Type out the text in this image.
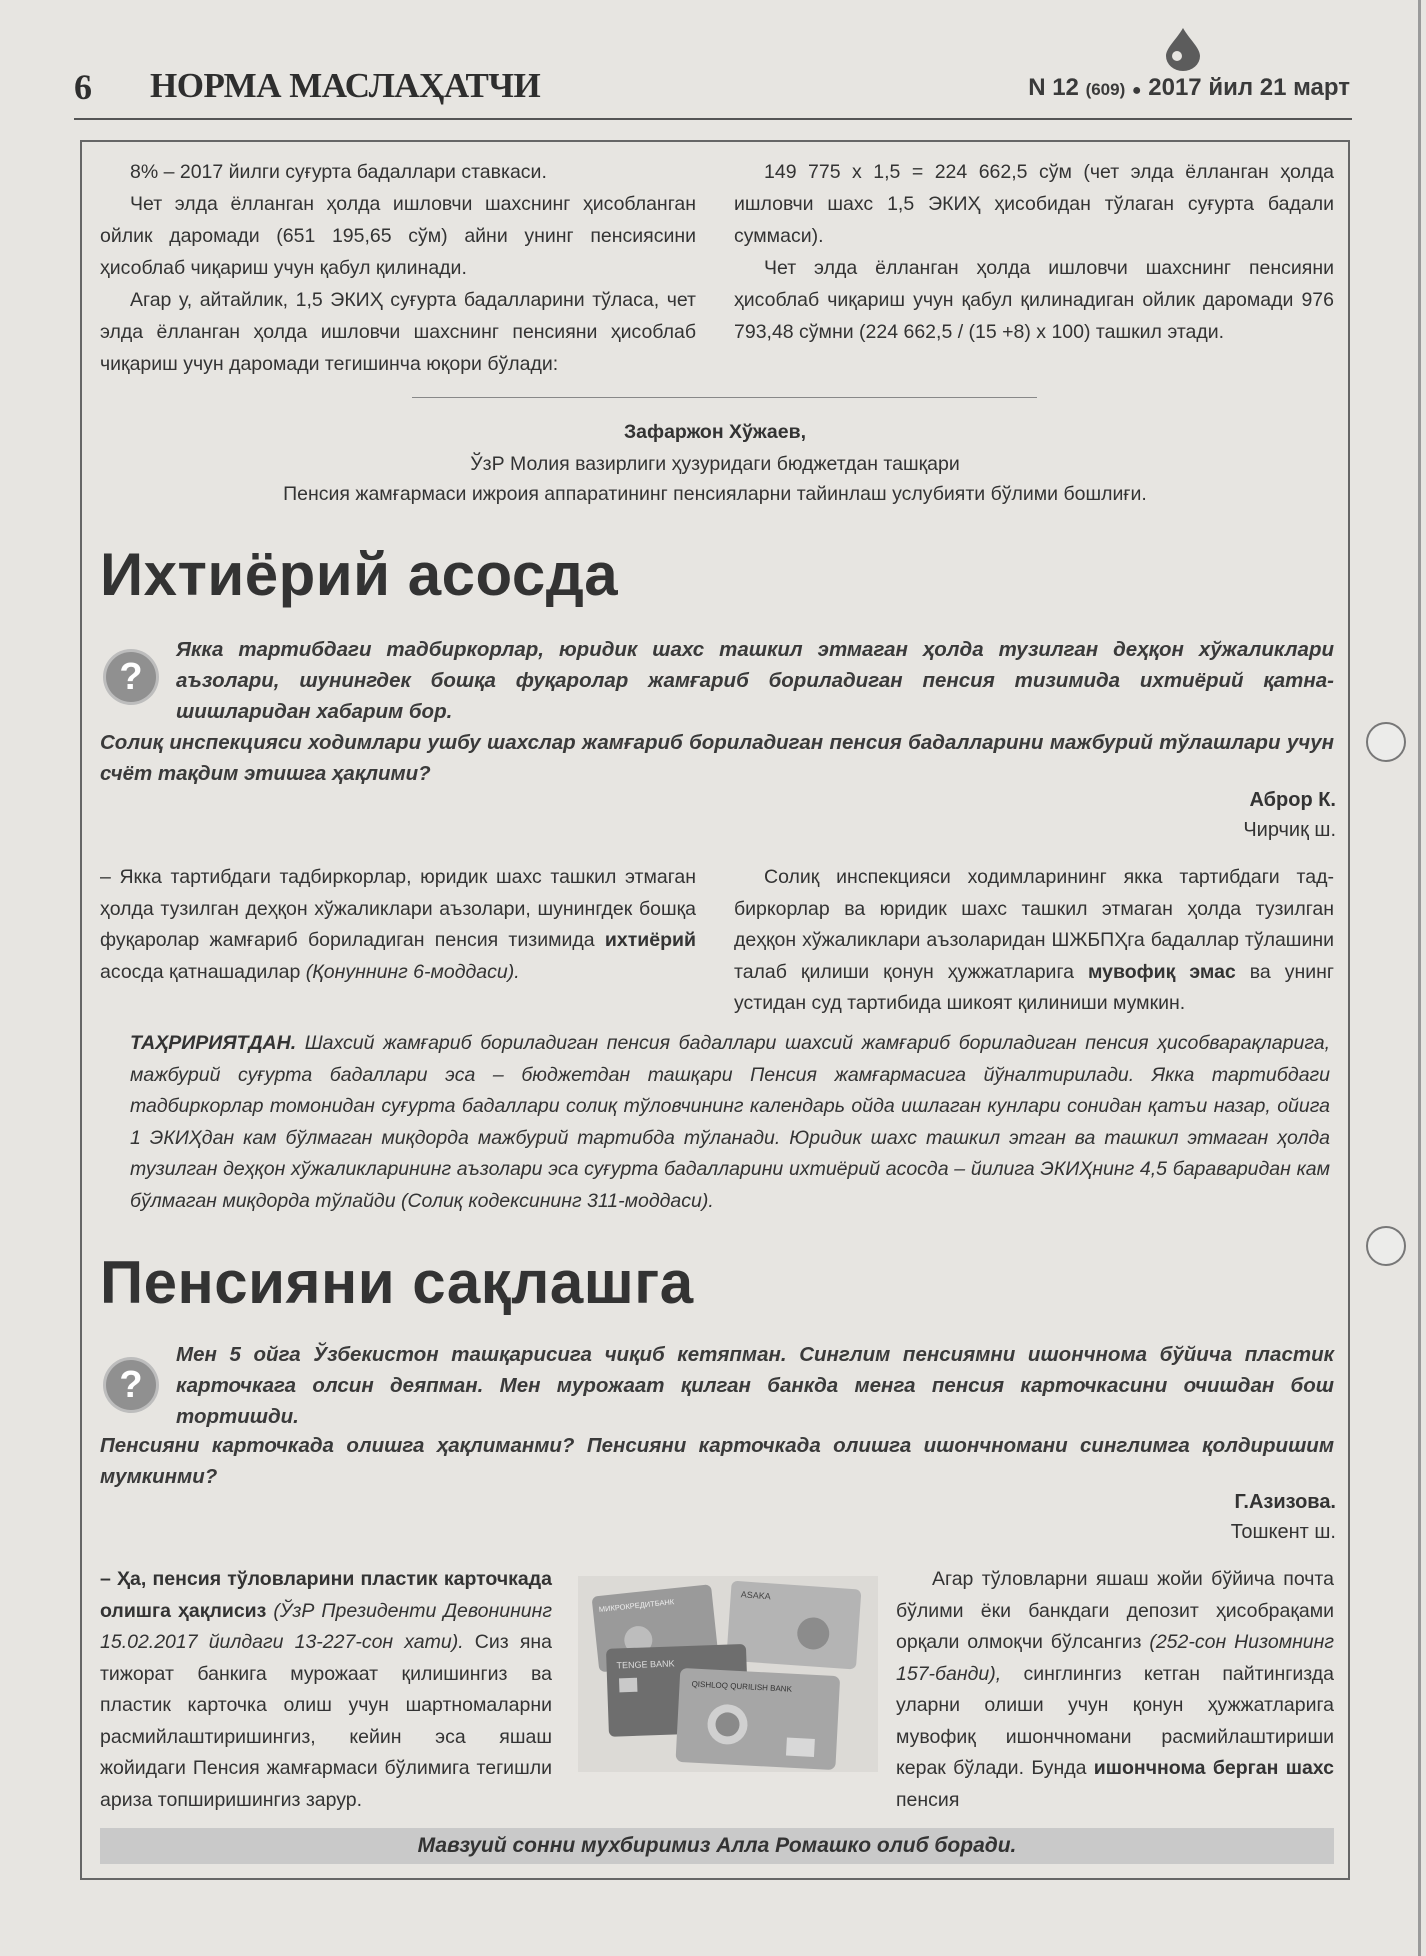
6 НОРМА МАСЛАҲАТЧИ	N 12 (609) ● 2017 йил 21 март

8% – 2017 йилги суғурта бадаллари ставкаси.

Чет элда ёлланган ҳолда ишловчи шахснинг ҳисобланган ойлик даромади (651 195,65 сўм) айни унинг пенсиясини ҳисоблаб чиқариш учун қабул қилинади.

Агар у, айтайлик, 1,5 ЭКИҲ суғурта бадалларини тўласа, чет элда ёлланган ҳолда ишловчи шахснинг пенсияни ҳисоблаб чиқариш учун даромади тегишинча юқори бўлади:

149 775 х 1,5 = 224 662,5 сўм (чет элда ёлланган ҳолда ишловчи шахс 1,5 ЭКИҲ ҳисобидан тўлаган суғурта бадали суммаси).

Чет элда ёлланган ҳолда ишловчи шахснинг пенсияни ҳисоблаб чиқариш учун қабул қилинадиган ойлик даромади 976 793,48 сўмни (224 662,5 / (15 +8) х 100) ташкил этади.

Зафаржон Хўжаев,
ЎзР Молия вазирлиги ҳузуридаги бюджетдан ташқари
Пенсия жамғармаси ижроия аппаратининг пенсияларни тайинлаш услубияти бўлими бошлиғи.
Ихтиёрий асосда
?
Якка тартибдаги тадбиркорлар, юридик шахс ташкил этмаган ҳолда тузилган деҳқон хўжаликлари аъзолари, шунингдек бошқа фуқаролар жамғариб бориладиган пенсия тизимида ихтиёрий қатнашишларидан хабарим бор.
Солиқ инспекцияси ходимлари ушбу шахслар жамғариб бориладиган пенсия бадалларини мажбурий тўлашлари учун счёт тақдим этишга ҳақлими?
Аброр К.
Чирчиқ ш.

– Якка тартибдаги тадбиркорлар, юридик шахс ташкил этмаган ҳолда тузилган деҳқон хўжаликлари аъзолари, шунингдек бошқа фуқаролар жамғариб бориладиган пенсия тизимида ихтиёрий асосда қатнашадилар (Қонуннинг 6-моддаси).

Солиқ инспекцияси ходимларининг якка тартибдаги тадбиркорлар ва юридик шахс ташкил этмаган ҳолда тузилган деҳқон хўжаликлари аъзоларидан ШЖБПҲга бадаллар тўлашини талаб қилиши қонун ҳужжатларига мувофиқ эмас ва унинг устидан суд тартибида шикоят қилиниши мумкин.

ТАҲРИРИЯТДАН. Шахсий жамғариб бориладиган пенсия бадаллари шахсий жамғариб бориладиган пенсия ҳисобварақларига, мажбурий суғурта бадаллари эса – бюджетдан ташқари Пенсия жамғармасига йўналтирилади. Якка тартибдаги тадбиркорлар томонидан суғурта бадаллари солиқ тўловчининг календарь ойда ишлаган кунлари сонидан қатъи назар, ойига 1 ЭКИҲдан кам бўлмаган миқдорда мажбурий тартибда тўланади. Юридик шахс ташкил этган ва ташкил этмаган ҳолда тузилган деҳқон хўжаликларининг аъзолари эса суғурта бадалларини ихтиёрий асосда – йилига ЭКИҲнинг 4,5 бараваридан кам бўлмаган миқдорда тўлайди (Солиқ кодексининг 311-моддаси).
Пенсияни сақлашга
?
Мен 5 ойга Ўзбекистон ташқарисига чиқиб кетяпман. Синглим пенсиямни ишончнома бўйича пластик карточкага олсин деяпман. Мен мурожаат қилган банкда менга пенсия карточкасини очишдан бош тортишди.
Пенсияни карточкада олишга ҳақлиманми? Пенсияни карточкада олишга ишончномани синглимга қолдиришим мумкинми?
Г.Азизова.
Тошкент ш.

– Ҳа, пенсия тўловларини пластик карточкада олишга ҳақлисиз (ЎзР Президенти Девонининг 15.02.2017 йилдаги 13-227-сон хати). Сиз яна тижорат банкига мурожаат қилишингиз ва пластик карточка олиш учун шартномаларни расмийлаштиришингиз, кейин эса яшаш жойидаги Пенсия жамғармаси бўлимига тегишли ариза топширишингиз зарур.

МИКРОКРЕДИТБАНК
ASAKA
TENGE BANK
QISHLOQ QURILISH BANK

Агар тўловларни яшаш жойи бўйича почта бўлими ёки банкдаги депозит ҳисобрақами орқали олмоқчи бўлсангиз (252-сон Низомнинг 157-банди), синглингиз кетган пайтингизда уларни олиши учун қонун ҳужжатларига мувофиқ ишончномани расмийлаштириши керак бўлади. Бунда ишончнома берган шахс пенсия

Мавзуий сонни мухбиримиз Алла Ромашко олиб боради.
